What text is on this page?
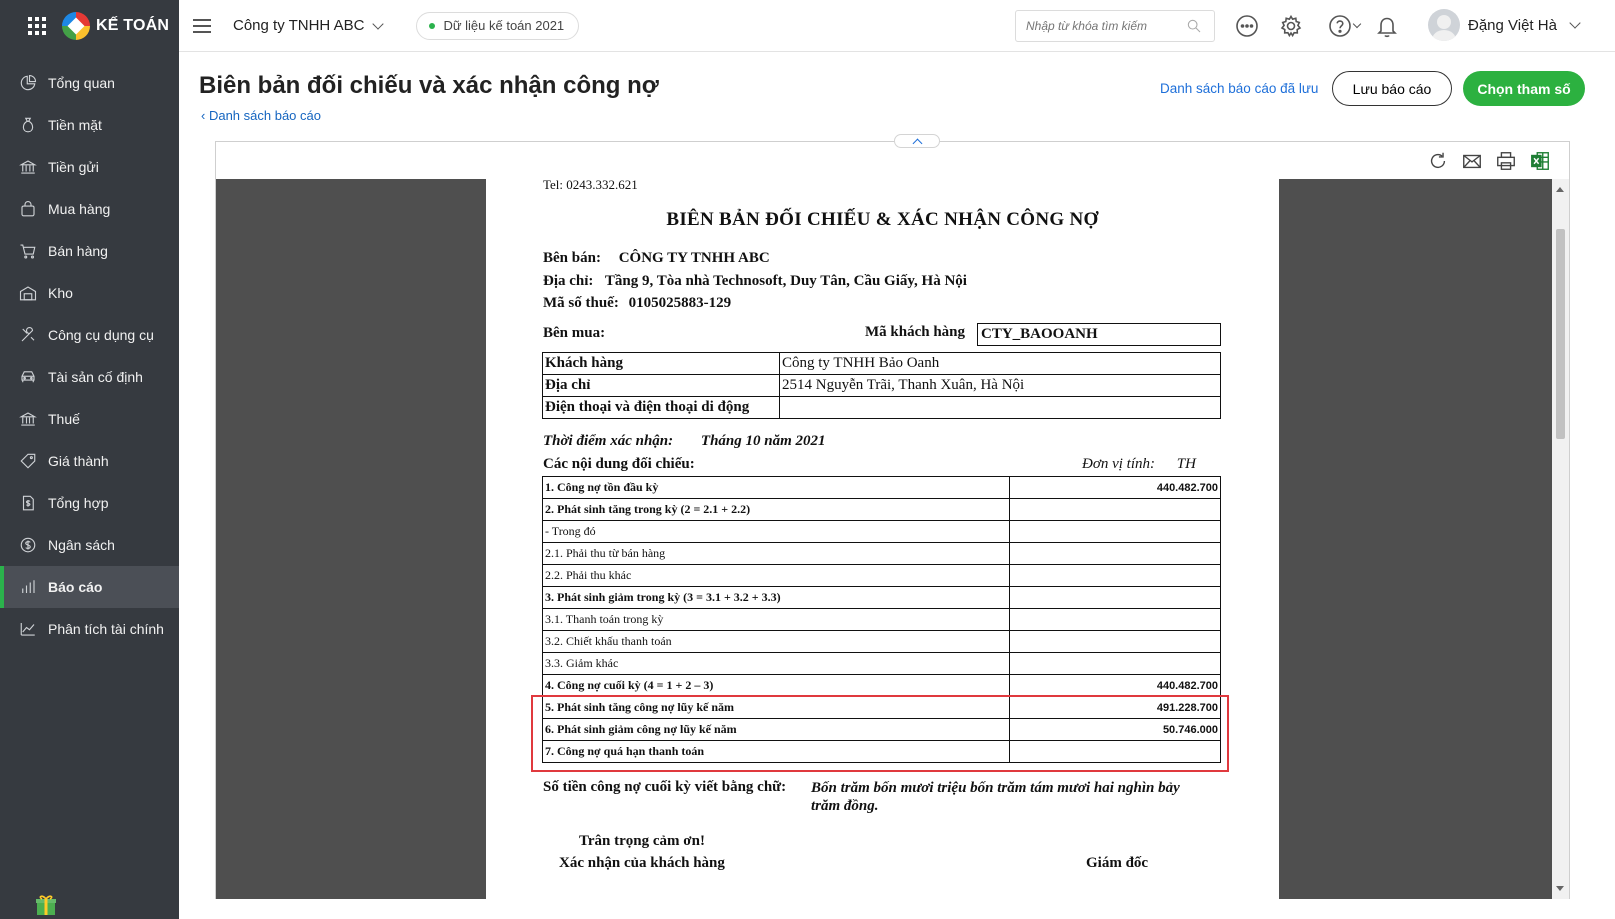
KẾ TOÁN
Tổng quan
Tiền mặt
Tiền gửi
Mua hàng
Bán hàng
Kho
Công cụ dụng cụ
Tài sản cố định
Thuế
Giá thành
Tổng hợp
Ngân sách
Báo cáo
Phân tích tài chính
Công ty TNHH ABC	Dữ liệu kế toán 2021
Nhập từ khóa tìm kiếm	Đặng Việt Hà
Biên bản đối chiếu và xác nhận công nợ
‹ Danh sách báo cáo
Danh sách báo cáo đã lưu	Lưu báo cáo	Chọn tham số
Tel: 0243.332.621
BIÊN BẢN ĐỐI CHIẾU & XÁC NHẬN CÔNG NỢ
Bên bán: CÔNG TY TNHH ABC
Địa chỉ: Tầng 9, Tòa nhà Technosoft, Duy Tân, Cầu Giấy, Hà Nội
Mã số thuế: 0105025883-129
Bên mua:	Mã khách hàng CTY_BAOOANH
Khách hàng	Công ty TNHH Bảo Oanh
Địa chỉ	2514 Nguyễn Trãi, Thanh Xuân, Hà Nội
Điện thoại và điện thoại di động	
Thời điểm xác nhận: Tháng 10 năm 2021
Các nội dung đối chiếu:	Đơn vị tính: TH
1. Công nợ tồn đầu kỳ	440.482.700
2. Phát sinh tăng trong kỳ (2 = 2.1 + 2.2)	
- Trong đó	
2.1. Phải thu từ bán hàng	
2.2. Phải thu khác	
3. Phát sinh giảm trong kỳ (3 = 3.1 + 3.2 + 3.3)	
3.1. Thanh toán trong kỳ	
3.2. Chiết khấu thanh toán	
3.3. Giảm khác	
4. Công nợ cuối kỳ (4 = 1 + 2 – 3)	440.482.700
5. Phát sinh tăng công nợ lũy kế năm	491.228.700
6. Phát sinh giảm công nợ lũy kế năm	50.746.000
7. Công nợ quá hạn thanh toán	
Số tiền công nợ cuối kỳ viết bằng chữ: Bốn trăm bốn mươi triệu bốn trăm tám mươi hai nghìn bảy trăm đồng.
Trân trọng cảm ơn!
Xác nhận của khách hàng	Giám đốc
